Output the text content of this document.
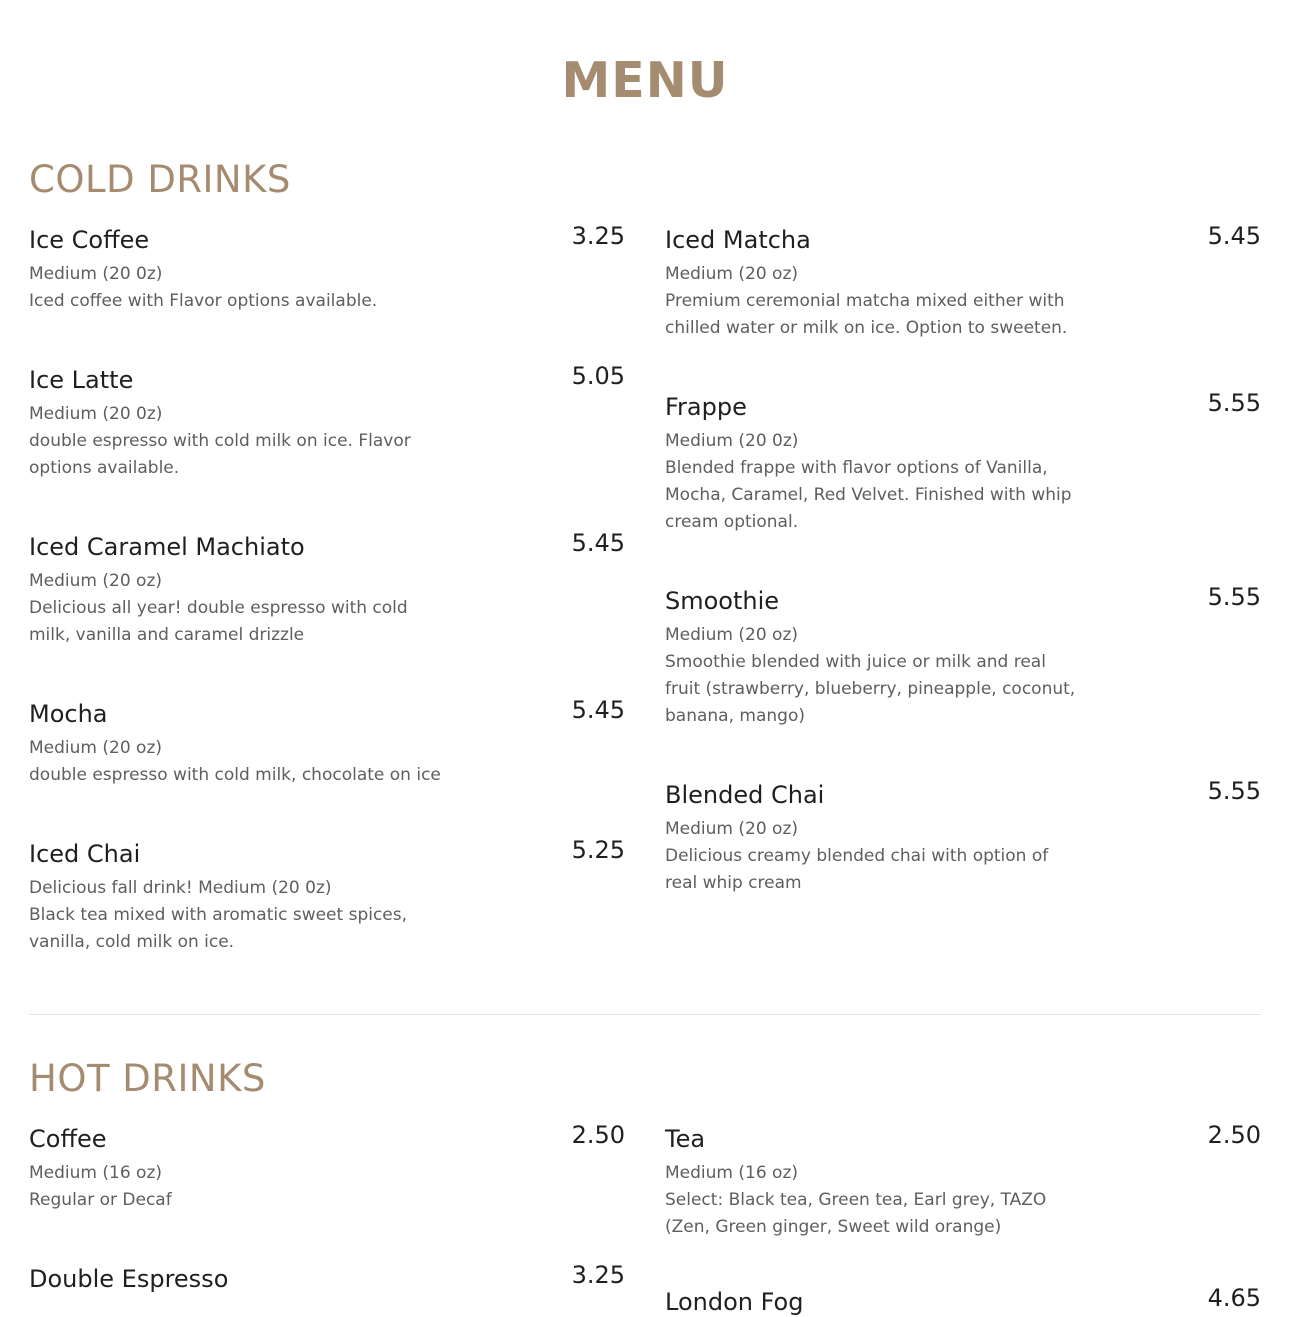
MENU
COLD DRINKS
Ice Coffee	3.25
Medium (20 0z)
Iced coffee with Flavor options available.
Ice Latte	5.05
Medium (20 0z)
double espresso with cold milk on ice. Flavor
options available.
Iced Caramel Machiato	5.45
Medium (20 oz)
Delicious all year! double espresso with cold
milk, vanilla and caramel drizzle
Mocha	5.45
Medium (20 oz)
double espresso with cold milk, chocolate on ice
Iced Chai	5.25
Delicious fall drink! Medium (20 0z)
Black tea mixed with aromatic sweet spices,
vanilla, cold milk on ice.
Iced Matcha	5.45
Medium (20 oz)
Premium ceremonial matcha mixed either with
chilled water or milk on ice. Option to sweeten.
Frappe	5.55
Medium (20 0z)
Blended frappe with flavor options of Vanilla,
Mocha, Caramel, Red Velvet. Finished with whip
cream optional.
Smoothie	5.55
Medium (20 oz)
Smoothie blended with juice or milk and real
fruit (strawberry, blueberry, pineapple, coconut,
banana, mango)
Blended Chai	5.55
Medium (20 oz)
Delicious creamy blended chai with option of
real whip cream
HOT DRINKS
Coffee	2.50
Medium (16 oz)
Regular or Decaf
Double Espresso	3.25
Tea	2.50
Medium (16 oz)
Select: Black tea, Green tea, Earl grey, TAZO
(Zen, Green ginger, Sweet wild orange)
London Fog	4.65
